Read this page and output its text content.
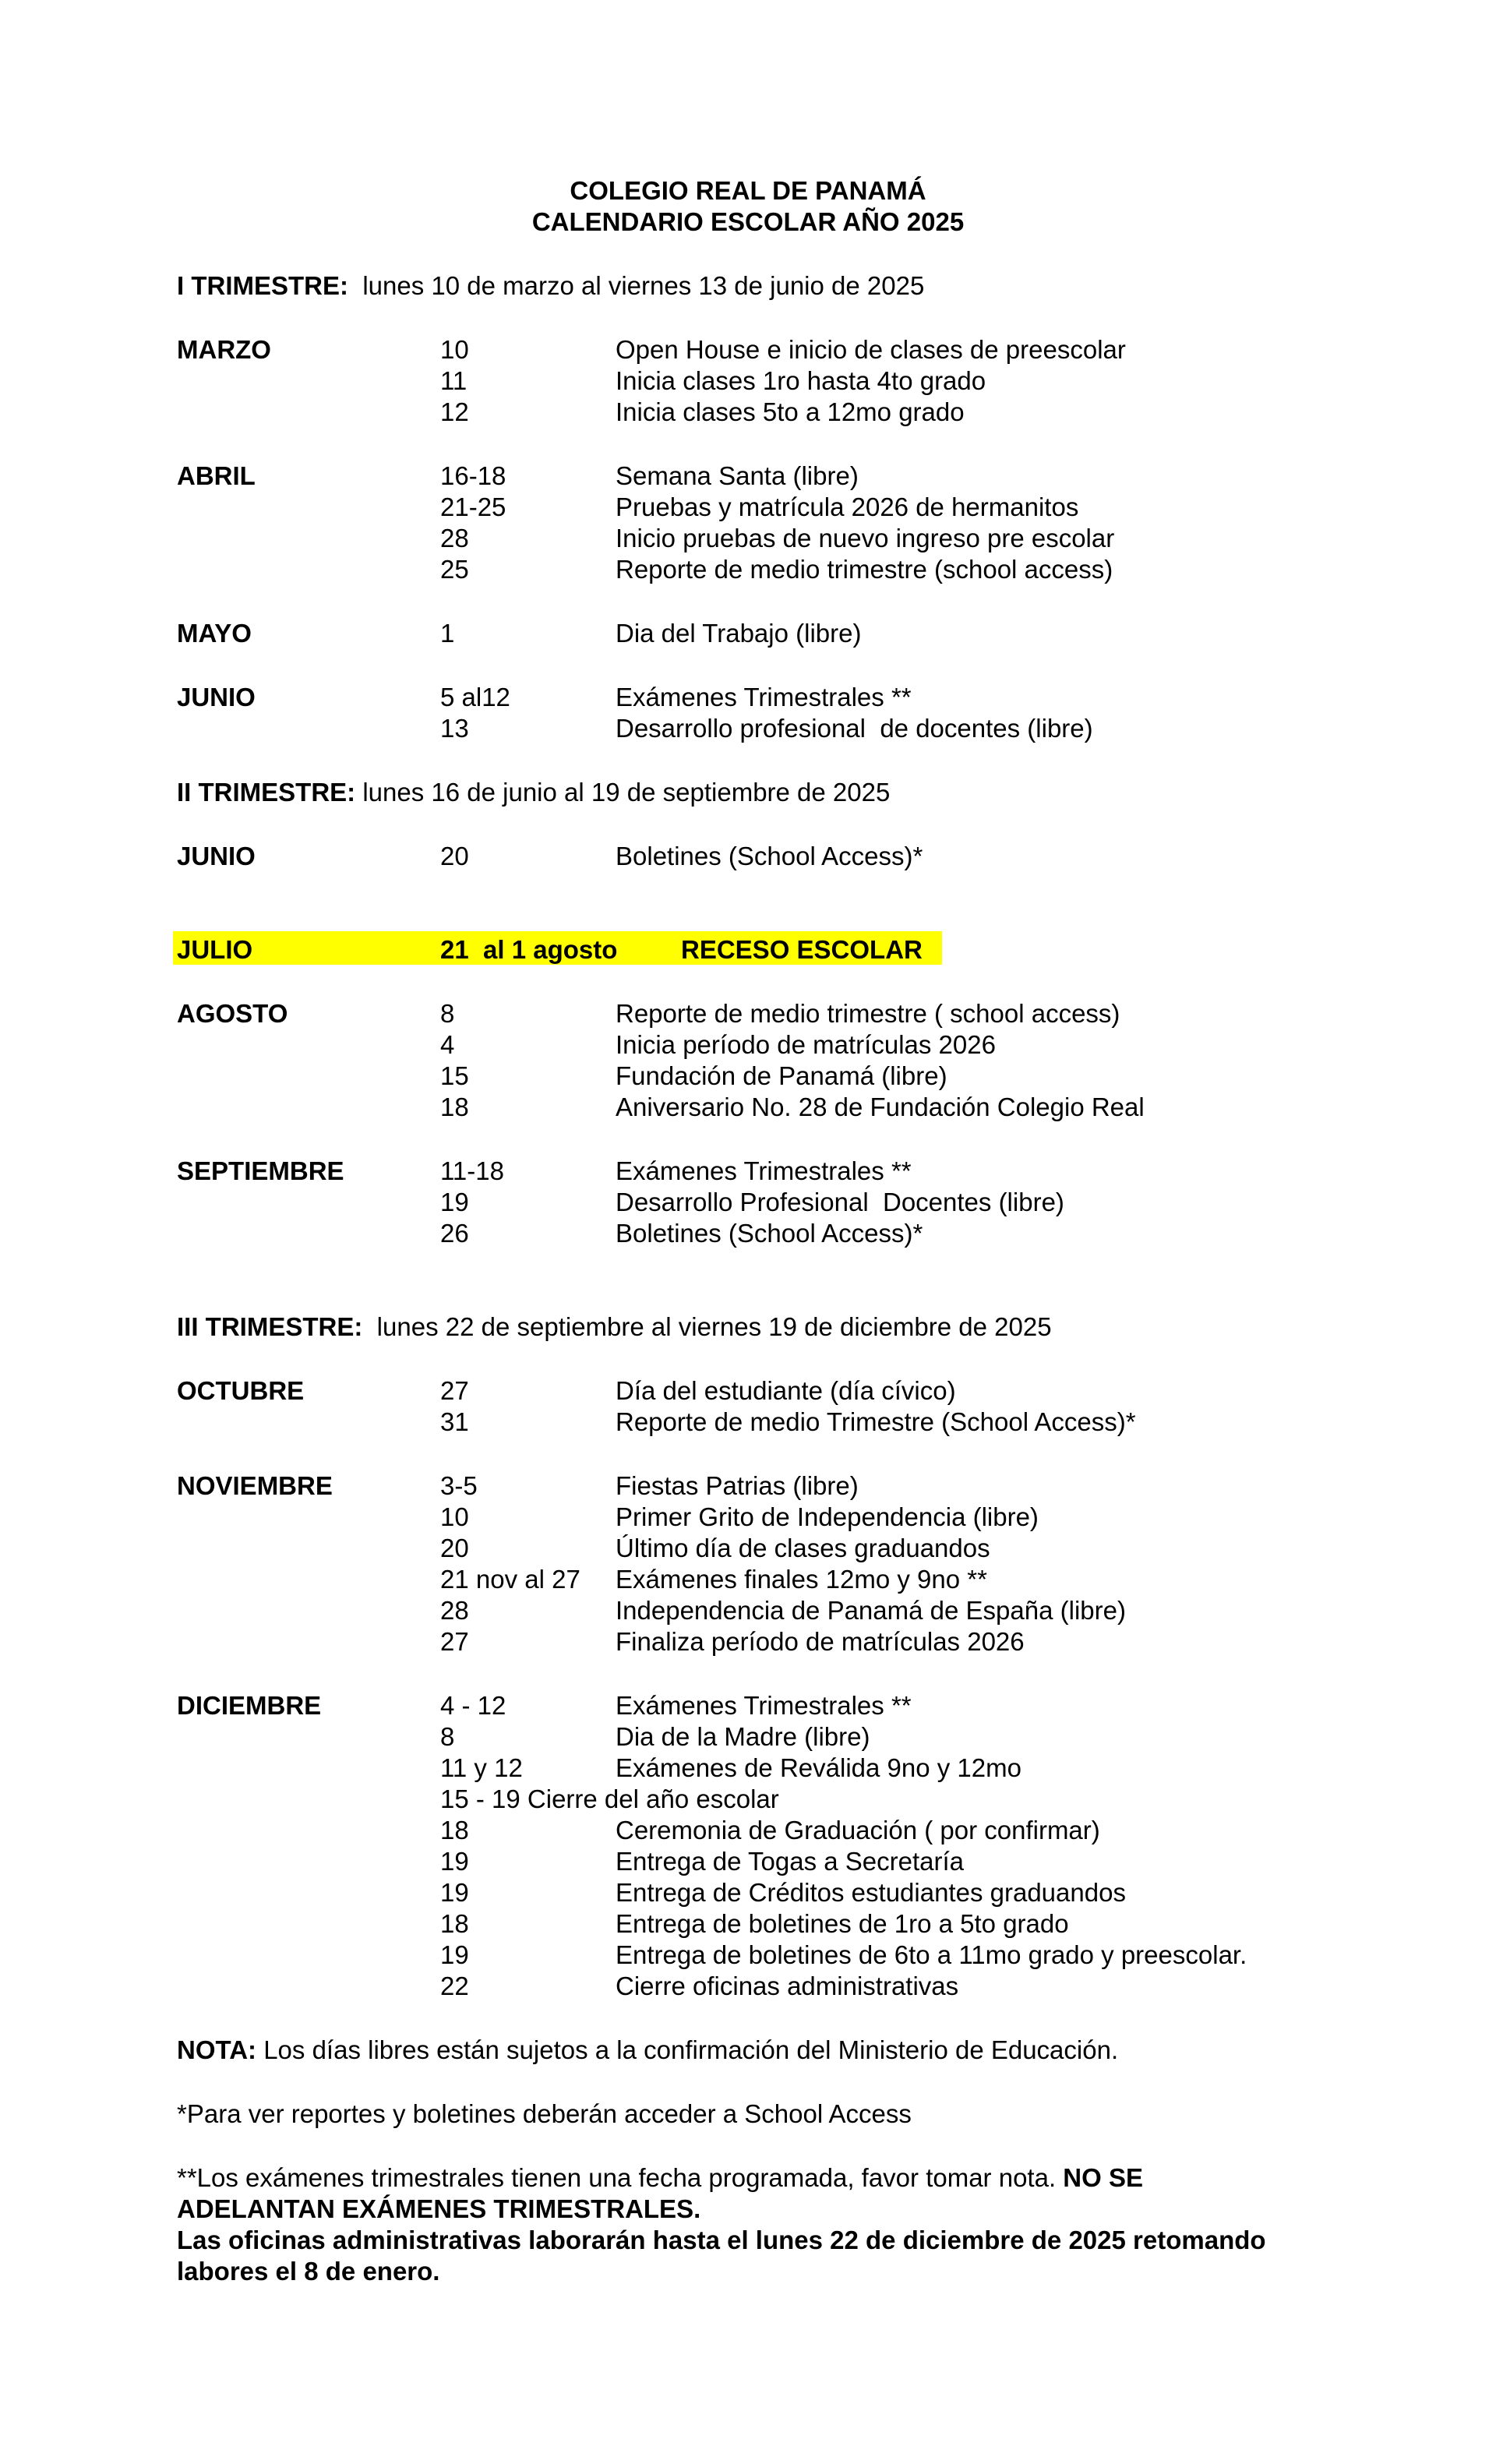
COLEGIO REAL DE PANAMÁ
CALENDARIO ESCOLAR AÑO 2025
I TRIMESTRE:  lunes 10 de marzo al viernes 13 de junio de 2025
MARZO	10	Open House e inicio de clases de preescolar
11	Inicia clases 1ro hasta 4to grado
12	Inicia clases 5to a 12mo grado
ABRIL	16-18	Semana Santa (libre)
21-25	Pruebas y matrícula 2026 de hermanitos
28	Inicio pruebas de nuevo ingreso pre escolar
25	Reporte de medio trimestre (school access)
MAYO	1	Dia del Trabajo (libre)
JUNIO	5 al12	Exámenes Trimestrales **
13	Desarrollo profesional  de docentes (libre)
II TRIMESTRE: lunes 16 de junio al 19 de septiembre de 2025
JUNIO	20	Boletines (School Access)*
JULIO	21  al 1 agosto	RECESO ESCOLAR
AGOSTO	8	Reporte de medio trimestre ( school access)
4	Inicia período de matrículas 2026
15	Fundación de Panamá (libre)
18	Aniversario No. 28 de Fundación Colegio Real
SEPTIEMBRE	11-18	Exámenes Trimestrales **
19	Desarrollo Profesional  Docentes (libre)
26	Boletines (School Access)*
III TRIMESTRE:  lunes 22 de septiembre al viernes 19 de diciembre de 2025
OCTUBRE	27	Día del estudiante (día cívico)
31	Reporte de medio Trimestre (School Access)*
NOVIEMBRE	3-5	Fiestas Patrias (libre)
10	Primer Grito de Independencia (libre)
20	Último día de clases graduandos
21 nov al 27	Exámenes finales 12mo y 9no **
28	Independencia de Panamá de España (libre)
27	Finaliza período de matrículas 2026
DICIEMBRE	4 - 12	Exámenes Trimestrales **
8	Dia de la Madre (libre)
11 y 12	Exámenes de Reválida 9no y 12mo
15 - 19 Cierre del año escolar
18	Ceremonia de Graduación ( por confirmar)
19	Entrega de Togas a Secretaría
19	Entrega de Créditos estudiantes graduandos
18	Entrega de boletines de 1ro a 5to grado
19	Entrega de boletines de 6to a 11mo grado y preescolar.
22	Cierre oficinas administrativas
NOTA: Los días libres están sujetos a la confirmación del Ministerio de Educación.
*Para ver reportes y boletines deberán acceder a School Access
**Los exámenes trimestrales tienen una fecha programada, favor tomar nota. NO SE
ADELANTAN EXÁMENES TRIMESTRALES.
Las oficinas administrativas laborarán hasta el lunes 22 de diciembre de 2025 retomando
labores el 8 de enero.
